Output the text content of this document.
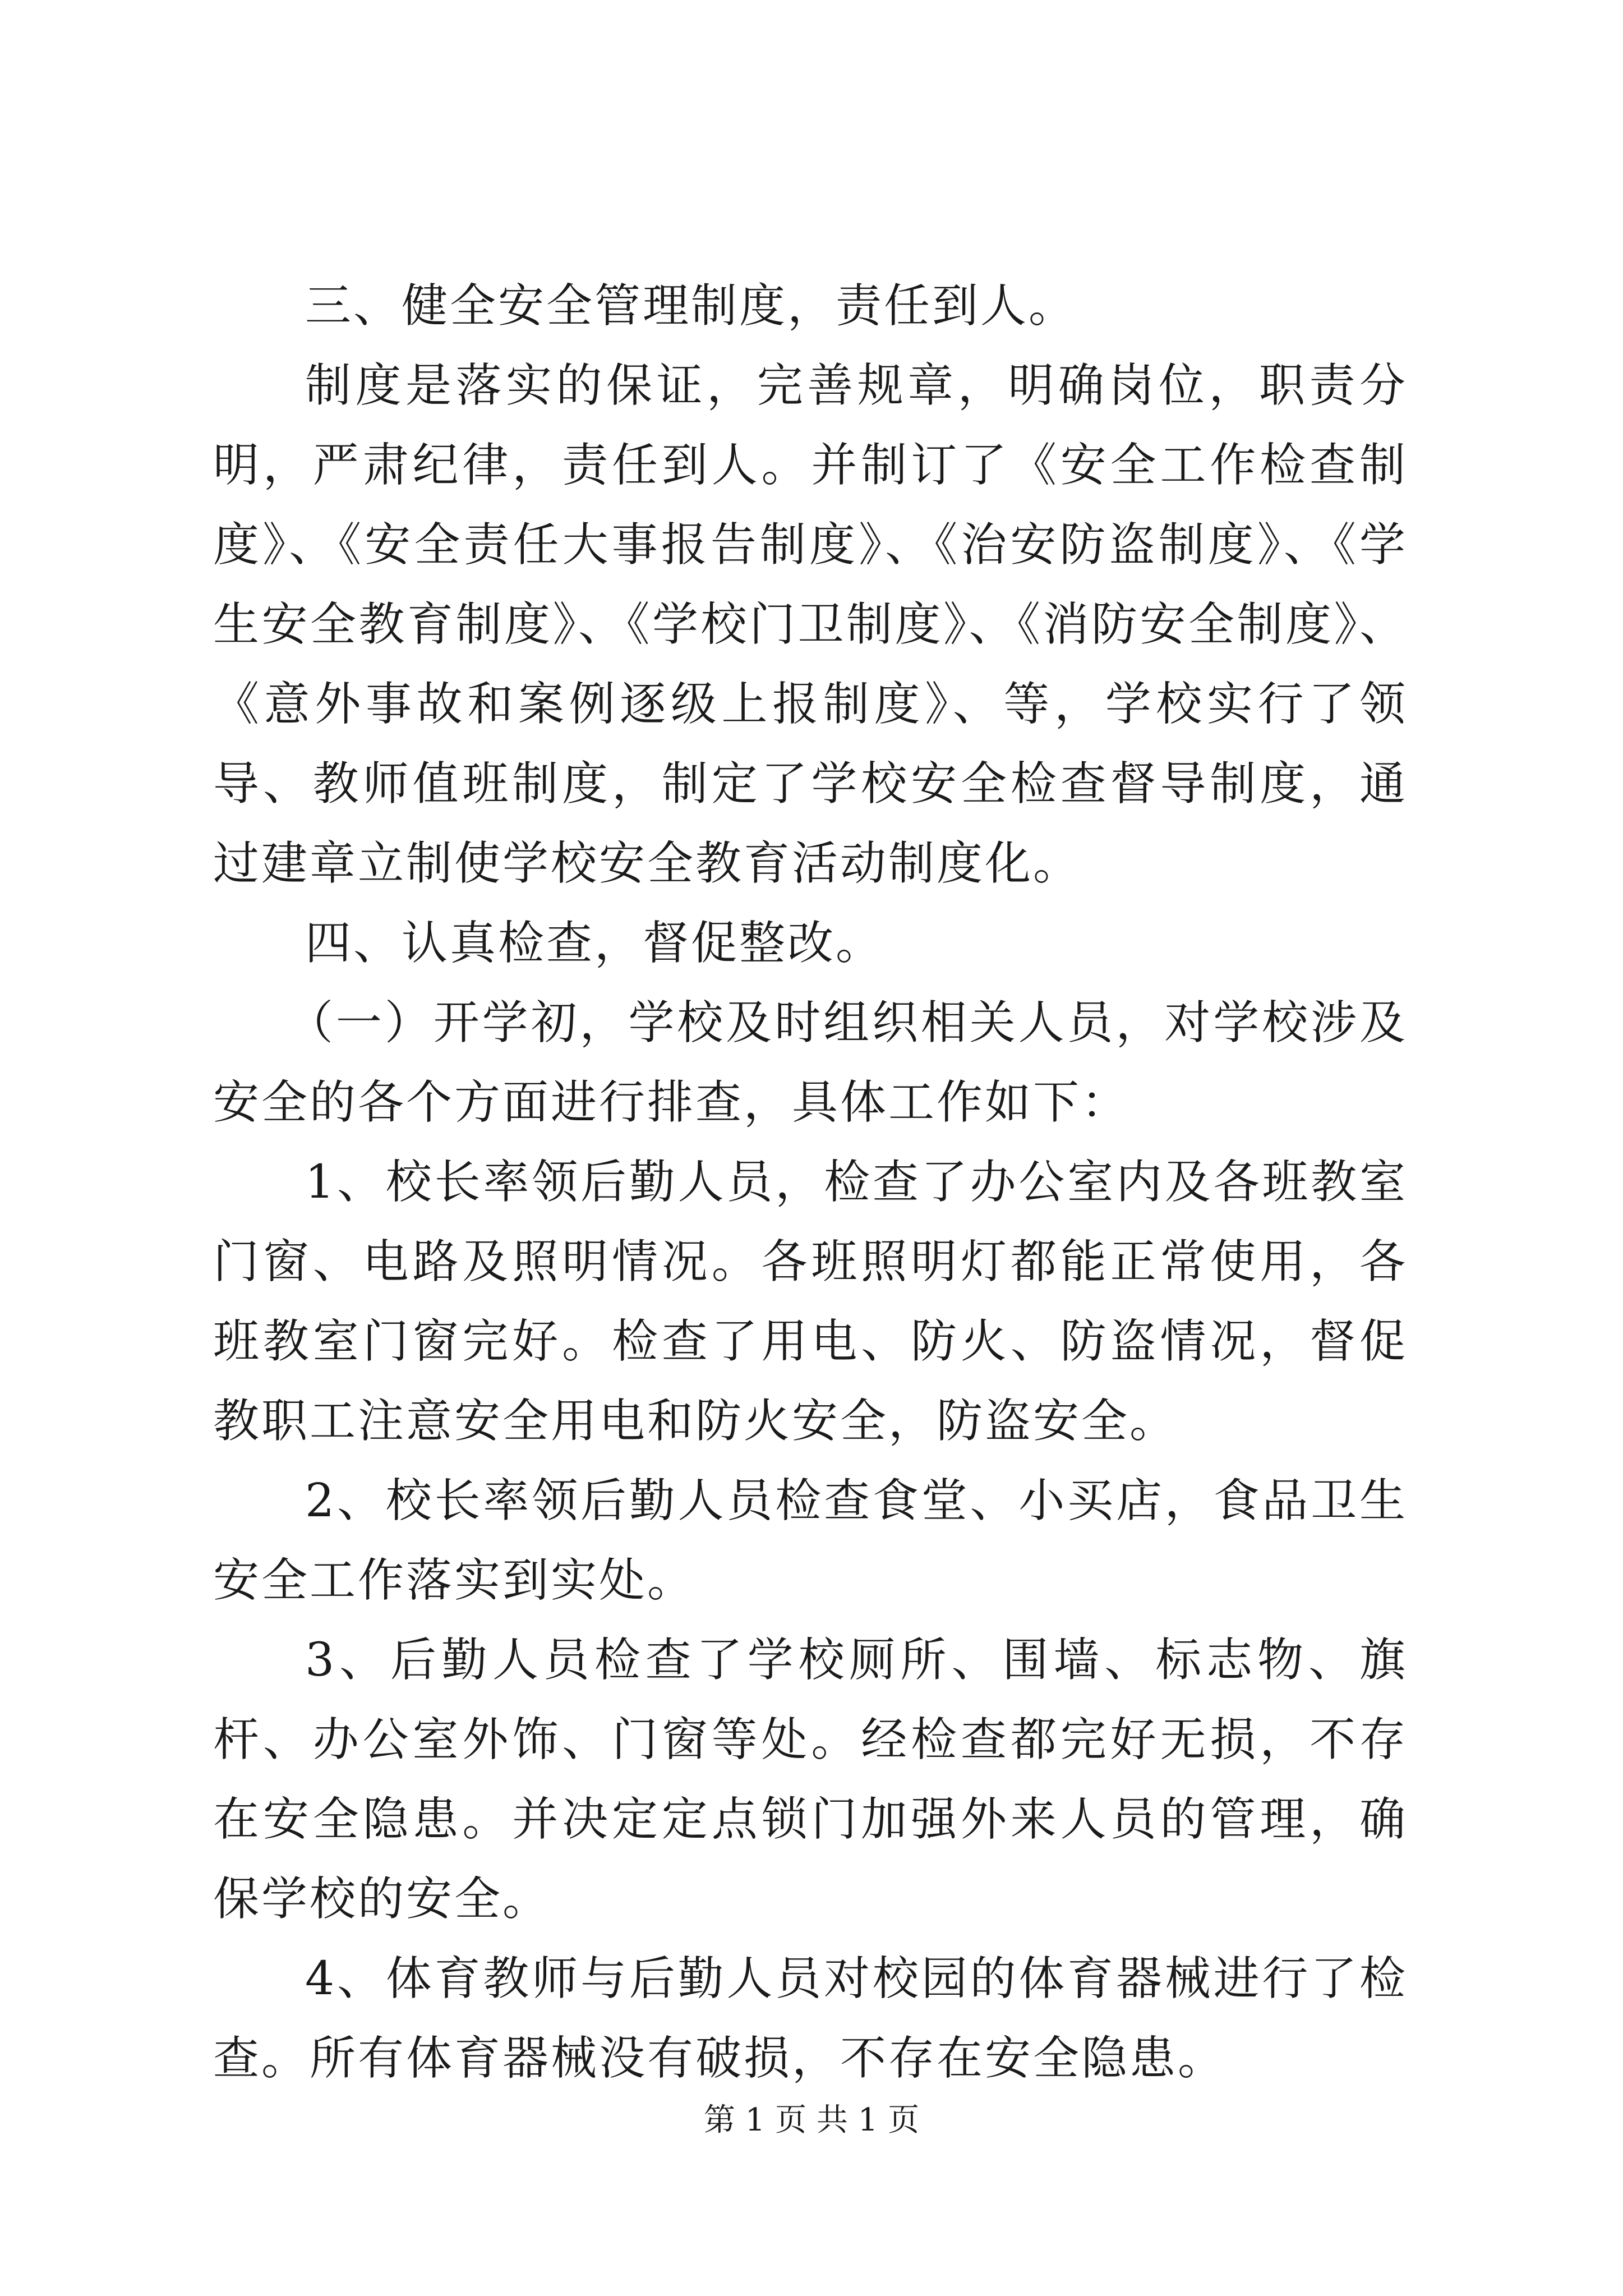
三、健全安全管理制度，责任到人。

制度是落实的保证，完善规章，明确岗位，职责分明，严肃纪律，责任到人。并制订了《安全工作检查制度》、《安全责任大事报告制度》、《治安防盗制度》、《学生安全教育制度》、《学校门卫制度》、《消防安全制度》、《意外事故和案例逐级上报制度》、等，学校实行了领导、教师值班制度，制定了学校安全检查督导制度，通过建章立制使学校安全教育活动制度化。

四、认真检查，督促整改。

（一）开学初，学校及时组织相关人员，对学校涉及安全的各个方面进行排查，具体工作如下：

1、校长率领后勤人员，检查了办公室内及各班教室门窗、电路及照明情况。各班照明灯都能正常使用，各班教室门窗完好。检查了用电、防火、防盗情况，督促教职工注意安全用电和防火安全，防盗安全。

2、校长率领后勤人员检查食堂、小买店，食品卫生安全工作落实到实处。

3、后勤人员检查了学校厕所、围墙、标志物、旗杆、办公室外饰、门窗等处。经检查都完好无损，不存在安全隐患。并决定定点锁门加强外来人员的管理，确保学校的安全。

4、体育教师与后勤人员对校园的体育器械进行了检查。所有体育器械没有破损，不存在安全隐患。

第 1 页 共 1 页
